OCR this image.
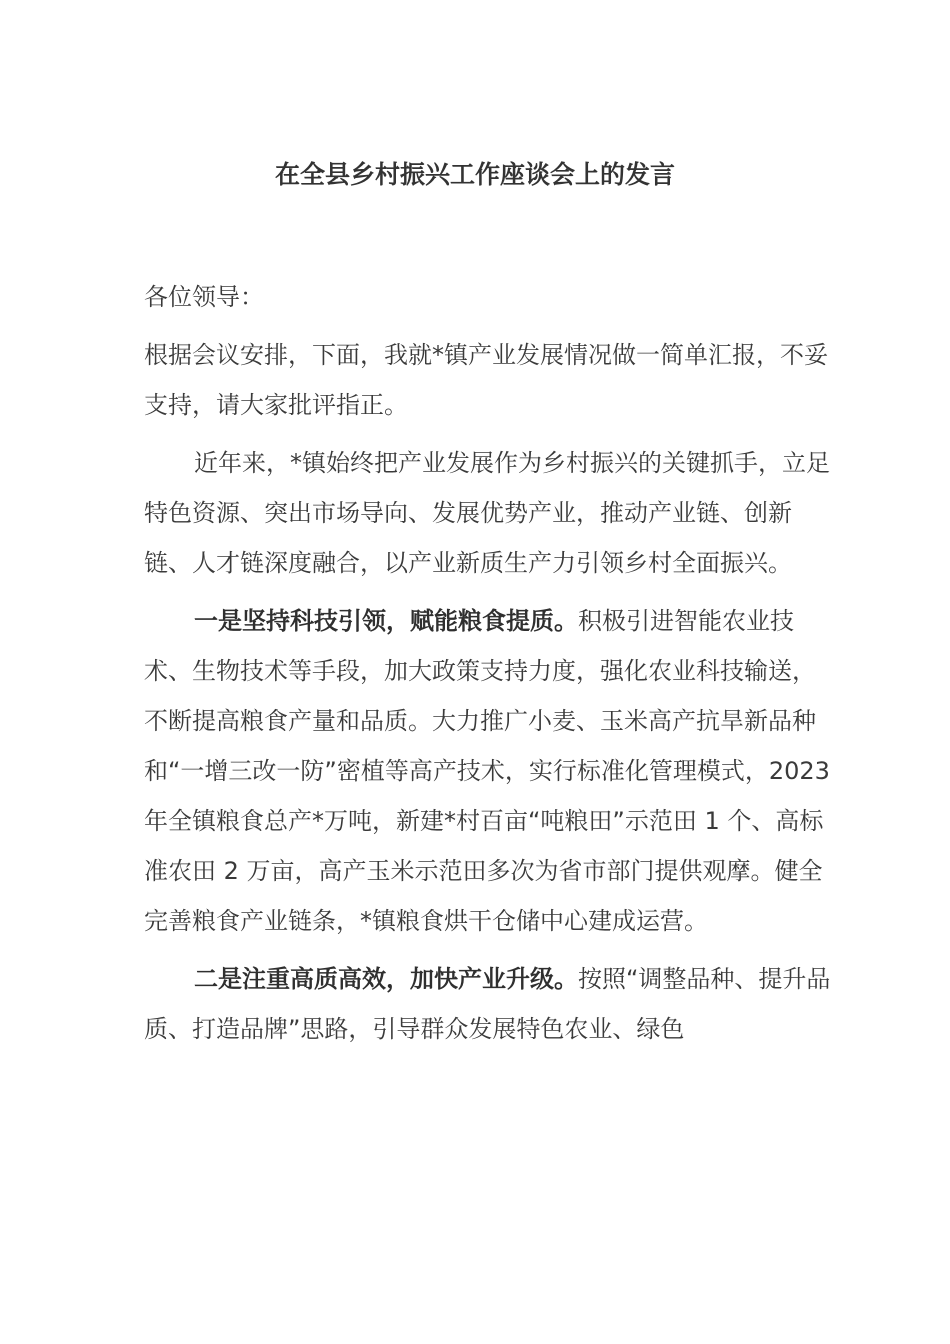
在全县乡村振兴工作座谈会上的发言

各位领导：

根据会议安排，下面，我就*镇产业发展情况做一简单汇报，不妥支持，请大家批评指正。

近年来，*镇始终把产业发展作为乡村振兴的关键抓手，立足特色资源、突出市场导向、发展优势产业，推动产业链、创新链、人才链深度融合，以产业新质生产力引领乡村全面振兴。

一是坚持科技引领，赋能粮食提质。积极引进智能农业技术、生物技术等手段，加大政策支持力度，强化农业科技输送，不断提高粮食产量和品质。大力推广小麦、玉米高产抗旱新品种和“一增三改一防”密植等高产技术，实行标准化管理模式，2023 年全镇粮食总产*万吨，新建*村百亩“吨粮田”示范田 1 个、高标准农田 2 万亩，高产玉米示范田多次为省市部门提供观摩。健全完善粮食产业链条，*镇粮食烘干仓储中心建成运营。

二是注重高质高效，加快产业升级。按照“调整品种、提升品质、打造品牌”思路，引导群众发展特色农业、绿色
